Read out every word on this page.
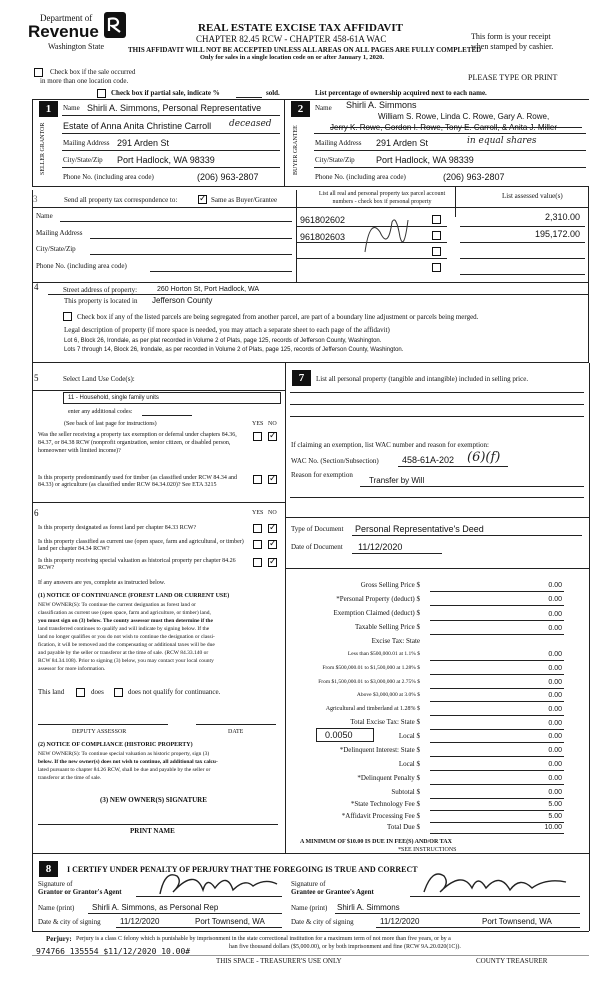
Department of
Revenue
Washington State
REAL ESTATE EXCISE TAX AFFIDAVIT
CHAPTER 82.45 RCW - CHAPTER 458-61A WAC
THIS AFFIDAVIT WILL NOT BE ACCEPTED UNLESS ALL AREAS ON ALL PAGES ARE FULLY COMPLETED
Only for sales in a single location code on or after January 1, 2020.
This form is your receipt
when stamped by cashier.
PLEASE TYPE OR PRINT
Check box if the sale occurred
in more than one location code.
Check box if partial sale, indicate %	sold.	List percentage of ownership acquired next to each name.
1
SELLER GRANTOR
Name Shirli A. Simmons, Personal Representative
Estate of Anna Anita Christine Carroll deceased
Mailing Address 291 Arden St
City/State/Zip Port Hadlock, WA 98339
Phone No. (including area code)	(206) 963-2807
2
BUYER GRANTEE
Name Shirli A. Simmons
William S. Rowe, Linda C. Rowe, Gary A. Rowe,
Jerry K. Rowe, Gordon I. Rowe, Tony E. Carroll, & Anita J. Miller
Mailing Address 291 Arden St	in equal shares
City/State/Zip Port Hadlock, WA 98339
Phone No. (including area code)	(206) 963-2807
3	Send all property tax correspondence to: ✓ Same as Buyer/Grantee
Name
Mailing Address
City/State/Zip
Phone No. (including area code)
List all real and personal property tax parcel account numbers - check box if personal property
List assessed value(s)
961802602	2,310.00
961802603	195,172.00
4	Street address of property:	260 Horton St, Port Hadlock, WA
This property is located in Jefferson County
Check box if any of the listed parcels are being segregated from another parcel, are part of a boundary line adjustment or parcels being merged.
Legal description of property (if more space is needed, you may attach a separate sheet to each page of the affidavit)
Lot 6, Block 26, Irondale, as per plat recorded in Volume 2 of Plats, page 125, records of Jefferson County, Washington.
Lots 7 through 14, Block 26, Irondale, as per recorded in Volume 2 of Plats, page 125, records of Jefferson County, Washington.
5	Select Land Use Code(s):
11 - Household, single family units
enter any additional codes:
(See back of last page for instructions)	YES NO
Was the seller receiving a property tax exemption or deferral under chapters 84.36, 84.37, or 84.38 RCW (nonprofit organization, senior citizen, or disabled person, homeowner with limited income)?
✓
Is this property predominantly used for timber (as classified under RCW 84.34 and 84.33) or agriculture (as classified under RCW 84.34.020)? See ETA 3215
✓
6	YES NO
Is this property designated as forest land per chapter 84.33 RCW?	✓
Is this property classified as current use (open space, farm and agricultural, or timber) land per chapter 84.34 RCW?
✓
Is this property receiving special valuation as historical property per chapter 84.26 RCW?
✓
If any answers are yes, complete as instructed below.
(1) NOTICE OF CONTINUANCE (FOREST LAND OR CURRENT USE)
NEW OWNER(S): To continue the current designation as forest land or
classification as current use (open space, farm and agriculture, or timber) land,
you must sign on (3) below. The county assessor must then determine if the
land transferred continues to qualify and will indicate by signing below. If the
land no longer qualifies or you do not wish to continue the designation or classi-
fication, it will be removed and the compensating or additional taxes will be due
and payable by the seller or transferor at the time of sale. (RCW 84.33.140 or
RCW 84.34.108). Prior to signing (3) below, you may contact your local county
assessor for more information.
This land	does	does not qualify for continuance.
DEPUTY ASSESSOR	DATE
(2) NOTICE OF COMPLIANCE (HISTORIC PROPERTY)
NEW OWNER(S): To continue special valuation as historic property, sign (3)
below. If the new owner(s) does not wish to continue, all additional tax calcu-
lated pursuant to chapter 84.26 RCW, shall be due and payable by the seller or
transferor at the time of sale.
(3) NEW OWNER(S) SIGNATURE
PRINT NAME
7	List all personal property (tangible and intangible) included in selling price.
If claiming an exemption, list WAC number and reason for exemption:
WAC No. (Section/Subsection)	458-61A-202 (6)(f)
Reason for exemption
Transfer by Will
Type of Document Personal Representative's Deed
Date of Document 11/12/2020
Gross Selling Price $	0.00
*Personal Property (deduct) $	0.00
Exemption Claimed (deduct) $	0.00
Taxable Selling Price $	0.00
Excise Tax: State
Less than $500,000.01 at 1.1% $	0.00
From $500,000.01 to $1,500,000 at 1.28% $	0.00
From $1,500,000.01 to $3,000,000 at 2.75% $	0.00
Above $3,000,000 at 3.0% $	0.00
Agricultural and timberland at 1.28% $	0.00
Total Excise Tax: State $	0.00
0.0050	Local $	0.00
*Delinquent Interest: State $	0.00
Local $	0.00
*Delinquent Penalty $	0.00
Subtotal $	0.00
*State Technology Fee $	5.00
*Affidavit Processing Fee $	5.00
Total Due $	10.00
A MINIMUM OF $10.00 IS DUE IN FEE(S) AND/OR TAX
*SEE INSTRUCTIONS
8	I CERTIFY UNDER PENALTY OF PERJURY THAT THE FOREGOING IS TRUE AND CORRECT
Signature of
Grantor or Grantor's Agent
Signature of
Grantee or Grantee's Agent
Name (print) Shirli A. Simmons, as Personal Rep	Name (print) Shirli A. Simmons
Date & city of signing 11/12/2020	Port Townsend, WA	Date & city of signing	11/12/2020	Port Townsend, WA
Perjury: Perjury is a class C felony which is punishable by imprisonment in the state correctional institution for a maximum term of not more than five years, or by a
han five thousand dollars ($5,000.00), or by both imprisonment and fine (RCW 9A.20.020(1C)).
974766 135554 $11/12/2020 10.00#
THIS SPACE - TREASURER'S USE ONLY	COUNTY TREASURER
